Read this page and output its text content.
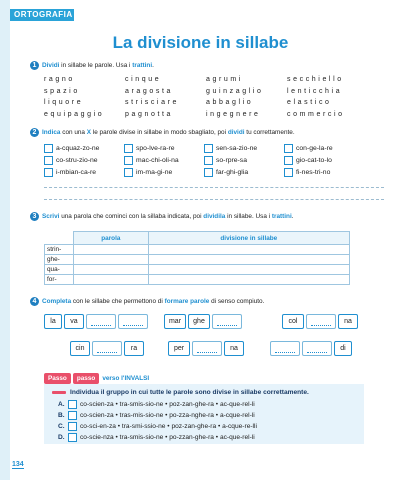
ORTOGRAFIA
La divisione in sillabe
1 Dividi in sillabe le parole. Usa i trattini.
ragno	cinque	agrumi	secchiello
spazio	aragosta	guinzaglio	lenticchia
liquore	strisciare	abbaglio	elastico
equipaggio	pagnotta	ingegnere	commercio
2 Indica con una X le parole divise in sillabe in modo sbagliato, poi dividi tu correttamente.
a-cquaz-zo-ne	spo-lve-ra-re	sen-sa-zio-ne	con-ge-la-re
co-stru-zio-ne	mac-chi-oli-na	so-rpre-sa	gio-cat-to-lo
i-mbian-ca-re	im-ma-gi-ne	far-ghi-glia	fi-nes-tri-no
3 Scrivi una parola che cominci con la sillaba indicata, poi dividila in sillabe. Usa i trattini.
	parola	divisione in sillabe
strin-		
ghe-		
qua-		
for-		
4 Completa con le sillabe che permettono di formare parole di senso compiuto.
la	va	mar	ghe	col	na
cin	ra	per	na	di
Passo	passo	verso l'INVALSI
Individua il gruppo in cui tutte le parole sono divise in sillabe correttamente.
A.	co-scien-za • tra-smis-sio-ne • poz-zan-ghe-ra • ac-que-rel-li
B.	co-scien-za • tras-mis-sio-ne • po-zza-nghe-ra • a-cque-rel-li
C.	co-sci-en-za • tra-smi-ssio-ne • poz-zan-ghe-ra • a-cque-re-lli
D.	co-scie-nza • tra-smis-sio-ne • po-zzan-ghe-ra • ac-que-rel-li
134
